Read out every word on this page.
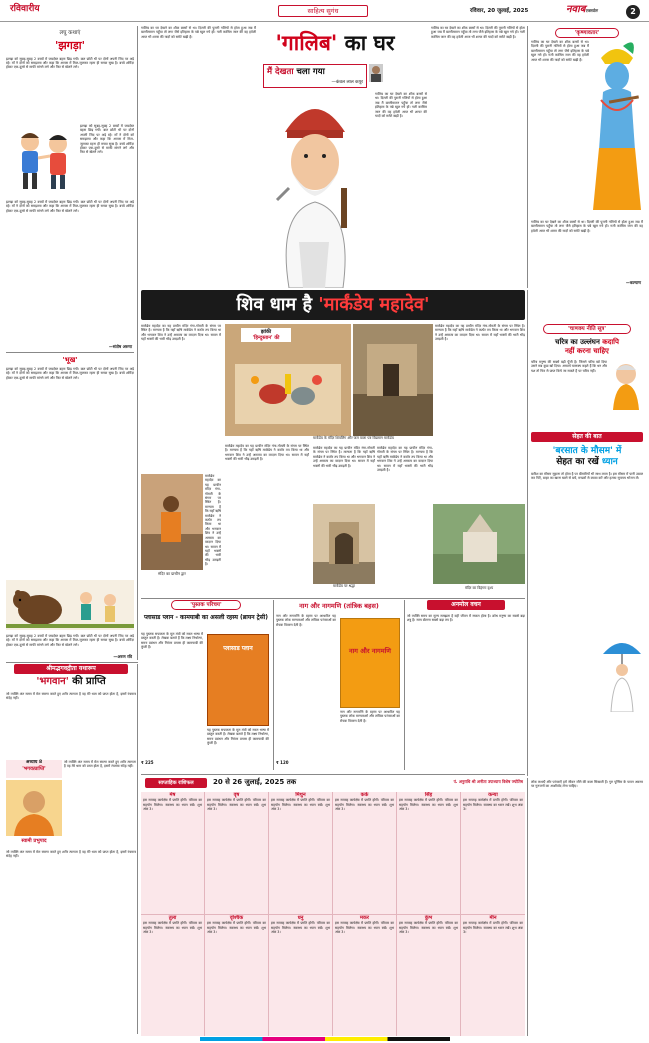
रविवारीय	साहित्य सुगंध	रविवार, 20 जुलाई, 2025	नवाबएक्सप्रेस	2
लघु कथाएं
'झगड़ा'
झगड़ा को सुबह-सुबह 2 बच्चों में जबर्दस्त बहस छिड़ गयी। बात छोटी थी पर दोनों अपनी जिद पर अड़े रहे। माँ ने दोनों को समझाया और कहा कि आपस में मिल-जुलकर रहना ही सच्चा सुख है। बच्चे शर्मिंदा होकर एक-दूसरे से माफी मांगने लगे और फिर से खेलने लगे।
झगड़ा को सुबह-सुबह 2 बच्चों में जबर्दस्त बहस छिड़ गयी। बात छोटी थी पर दोनों अपनी जिद पर अड़े रहे। माँ ने दोनों को समझाया और कहा कि आपस में मिल-जुलकर रहना ही सच्चा सुख है। बच्चे शर्मिंदा होकर एक-दूसरे से माफी मांगने लगे और फिर से खेलने लगे।
झगड़ा को सुबह-सुबह 2 बच्चों में जबर्दस्त बहस छिड़ गयी। बात छोटी थी पर दोनों अपनी जिद पर अड़े रहे। माँ ने दोनों को समझाया और कहा कि आपस में मिल-जुलकर रहना ही सच्चा सुख है। बच्चे शर्मिंदा होकर एक-दूसरे से माफी मांगने लगे और फिर से खेलने लगे।
—संतोष अरुणा
'भूख'
झगड़ा को सुबह-सुबह 2 बच्चों में जबर्दस्त बहस छिड़ गयी। बात छोटी थी पर दोनों अपनी जिद पर अड़े रहे। माँ ने दोनों को समझाया और कहा कि आपस में मिल-जुलकर रहना ही सच्चा सुख है। बच्चे शर्मिंदा होकर एक-दूसरे से माफी मांगने लगे और फिर से खेलने लगे।
झगड़ा को सुबह-सुबह 2 बच्चों में जबर्दस्त बहस छिड़ गयी। बात छोटी थी पर दोनों अपनी जिद पर अड़े रहे। माँ ने दोनों को समझाया और कहा कि आपस में मिल-जुलकर रहना ही सच्चा सुख है। बच्चे शर्मिंदा होकर एक-दूसरे से माफी मांगने लगे और फिर से खेलने लगे।
—अरुण रवि
गालिब का घर देखने का शौक बरसों से था। दिल्ली की पुरानी गलियों से होता हुआ जब मैं बल्लीमारान पहुँचा तो लगा जैसे इतिहास के पन्ने खुल गये हों। गली कासिम जान की वह हवेली आज भी शायर की यादों को समेटे खड़ी है।	'गालिब' का घर
मैं देखता चला गया
—कंवल लाल कपूर
गालिब का घर देखने का शौक बरसों से था। दिल्ली की पुरानी गलियों से होता हुआ जब मैं बल्लीमारान पहुँचा तो लगा जैसे इतिहास के पन्ने खुल गये हों। गली कासिम जान की वह हवेली आज भी शायर की यादों को समेटे खड़ी है।
गालिब का घर देखने का शौक बरसों से था। दिल्ली की पुरानी गलियों से होता हुआ जब मैं बल्लीमारान पहुँचा तो लगा जैसे इतिहास के पन्ने खुल गये हों। गली कासिम जान की वह हवेली आज भी शायर की यादों को समेटे खड़ी है।
'कृष्णावतार'
गालिब का घर देखने का शौक बरसों से था। दिल्ली की पुरानी गलियों से होता हुआ जब मैं बल्लीमारान पहुँचा तो लगा जैसे इतिहास के पन्ने खुल गये हों। गली कासिम जान की वह हवेली आज भी शायर की यादों को समेटे खड़ी है।
गालिब का घर देखने का शौक बरसों से था। दिल्ली की पुरानी गलियों से होता हुआ जब मैं बल्लीमारान पहुँचा तो लगा जैसे इतिहास के पन्ने खुल गये हों। गली कासिम जान की वह हवेली आज भी शायर की यादों को समेटे खड़ी है।
—कल्याण
शिव धाम है 'मार्कंडेय महादेव'
मार्कंडेय महादेव का यह प्राचीन मंदिर गंगा-गोमती के संगम पर स्थित है। मान्यता है कि यहाँ ऋषि मार्कंडेय ने कठोर तप किया था और भगवान शिव ने उन्हें अमरत्व का वरदान दिया था। सावन में यहाँ भक्तों की भारी भीड़ उमड़ती है।
मंदिर का प्राचीन द्वार
मार्कंडेय महादेव का यह प्राचीन मंदिर गंगा-गोमती के संगम पर स्थित है। मान्यता है कि यहाँ ऋषि मार्कंडेय ने कठोर तप किया था और भगवान शिव ने उन्हें अमरत्व का वरदान दिया था। सावन में यहाँ भक्तों की भारी भीड़ उमड़ती है।
झांकी
'हिन्दुस्तान' की
मार्कंडेय के मंदिर शिवलिंग और जल वाला पत्र विद्यमान मार्कंडेय
मार्कंडेय महादेव का यह प्राचीन मंदिर गंगा-गोमती के संगम पर स्थित है। मान्यता है कि यहाँ ऋषि मार्कंडेय ने कठोर तप किया था और भगवान शिव ने उन्हें अमरत्व का वरदान दिया था। सावन में यहाँ भक्तों की भारी भीड़ उमड़ती है।
मार्कंडेय महादेव का यह प्राचीन मंदिर गंगा-गोमती के संगम पर स्थित है। मान्यता है कि यहाँ ऋषि मार्कंडेय ने कठोर तप किया था और भगवान शिव ने उन्हें अमरत्व का वरदान दिया था। सावन में यहाँ भक्तों की भारी भीड़ उमड़ती है।
मार्कंडेय पर श्रद्धा
मार्कंडेय महादेव का यह प्राचीन मंदिर गंगा-गोमती के संगम पर स्थित है। मान्यता है कि यहाँ ऋषि मार्कंडेय ने कठोर तप किया था और भगवान शिव ने उन्हें अमरत्व का वरदान दिया था। सावन में यहाँ भक्तों की भारी भीड़ उमड़ती है।
मंदिर का विहंगम दृश्य
मार्कंडेय महादेव का यह प्राचीन मंदिर गंगा-गोमती के संगम पर स्थित है। मान्यता है कि यहाँ ऋषि मार्कंडेय ने कठोर तप किया था और भगवान शिव ने उन्हें अमरत्व का वरदान दिया था। सावन में यहाँ भक्तों की भारी भीड़ उमड़ती है।
'चाणक्य नीति सूत्र'
चरित्र का उल्लंघन कदापि
नहीं करना चाहिए
चरित्र मनुष्य की सबसे बड़ी पूँजी है। जिसने चरित्र खो दिया उसने सब कुछ खो दिया। आचार्य चाणक्य कहते हैं कि धन और यश तो फिर से प्राप्त किये जा सकते हैं पर चरित्र नहीं।
सेहत की बात
'बरसात के मौसम' में
सेहत का रखें ध्यान
बारिश का मौसम सुहाना तो होता है पर बीमारियाँ भी साथ लाता है। इस मौसम में पानी उबाल कर पिएँ, बाहर का खाना खाने से बचें, मच्छरों से बचाव करें और हल्का सुपाच्य भोजन लें।
'पुस्तक परिचय'
प्लासाड प्लान - कामयाबी का असली रहस्य (ब्रायन ट्रेसी)
यह पुस्तक सफलता के मूल मंत्रों को सरल भाषा में प्रस्तुत करती है। लेखक बताते हैं कि लक्ष्य निर्धारण, समय प्रबंधन और निरंतर प्रयास ही कामयाबी की कुंजी हैं।	प्लासाड प्लान
यह पुस्तक सफलता के मूल मंत्रों को सरल भाषा में प्रस्तुत करती है। लेखक बताते हैं कि लक्ष्य निर्धारण, समय प्रबंधन और निरंतर प्रयास ही कामयाबी की कुंजी हैं।
₹ 225
नाग और नागमणि (तांत्रिक बहस)
नाग और नागमणि के रहस्य पर आधारित यह पुस्तक लोक मान्यताओं और तांत्रिक परंपराओं का रोचक विवरण देती है।
नाग और नागमणि
नाग और नागमणि के रहस्य पर आधारित यह पुस्तक लोक मान्यताओं और तांत्रिक परंपराओं का रोचक विवरण देती है।
₹ 120
अनमोल वचन
जो व्यक्ति समय का मूल्य समझता है वही जीवन में सफल होता है। क्रोध मनुष्य का सबसे बड़ा शत्रु है। सत्य बोलना सबसे बड़ा तप है।
श्रीमद्भगवद्गीता यथारूप
'भगवान' की प्राप्ति
जो व्यक्ति अंत समय में मेरा स्मरण करते हुए शरीर त्यागता है वह मेरे धाम को प्राप्त होता है, इसमें रंचमात्र संदेह नहीं।
अध्याय 8
'भगवत्प्राप्ति'
स्वामी प्रभुपाद
जो व्यक्ति अंत समय में मेरा स्मरण करते हुए शरीर त्यागता है वह मेरे धाम को प्राप्त होता है, इसमें रंचमात्र संदेह नहीं।
जो व्यक्ति अंत समय में मेरा स्मरण करते हुए शरीर त्यागता है वह मेरे धाम को प्राप्त होता है, इसमें रंचमात्र संदेह नहीं।
साप्ताहिक राशिफल	20 से 26 जुलाई, 2025 तक	पं. अनुराधि श्री अनीता उपाध्याय विशेष ज्योतिष
मेष
इस सप्ताह कार्यक्षेत्र में प्रगति होगी। परिवार का सहयोग मिलेगा। स्वास्थ्य का ध्यान रखें। शुभ अंक 3।
वृष
इस सप्ताह कार्यक्षेत्र में प्रगति होगी। परिवार का सहयोग मिलेगा। स्वास्थ्य का ध्यान रखें। शुभ अंक 3।
मिथुन
इस सप्ताह कार्यक्षेत्र में प्रगति होगी। परिवार का सहयोग मिलेगा। स्वास्थ्य का ध्यान रखें। शुभ अंक 3।
कर्क
इस सप्ताह कार्यक्षेत्र में प्रगति होगी। परिवार का सहयोग मिलेगा। स्वास्थ्य का ध्यान रखें। शुभ अंक 3।
सिंह
इस सप्ताह कार्यक्षेत्र में प्रगति होगी। परिवार का सहयोग मिलेगा। स्वास्थ्य का ध्यान रखें। शुभ अंक 3।
कन्या
इस सप्ताह कार्यक्षेत्र में प्रगति होगी। परिवार का सहयोग मिलेगा। स्वास्थ्य का ध्यान रखें। शुभ अंक 3।
तुला
इस सप्ताह कार्यक्षेत्र में प्रगति होगी। परिवार का सहयोग मिलेगा। स्वास्थ्य का ध्यान रखें। शुभ अंक 3।
वृश्चिक
इस सप्ताह कार्यक्षेत्र में प्रगति होगी। परिवार का सहयोग मिलेगा। स्वास्थ्य का ध्यान रखें। शुभ अंक 3।
धनु
इस सप्ताह कार्यक्षेत्र में प्रगति होगी। परिवार का सहयोग मिलेगा। स्वास्थ्य का ध्यान रखें। शुभ अंक 3।
मकर
इस सप्ताह कार्यक्षेत्र में प्रगति होगी। परिवार का सहयोग मिलेगा। स्वास्थ्य का ध्यान रखें। शुभ अंक 3।
कुंभ
इस सप्ताह कार्यक्षेत्र में प्रगति होगी। परिवार का सहयोग मिलेगा। स्वास्थ्य का ध्यान रखें। शुभ अंक 3।
मीन
इस सप्ताह कार्यक्षेत्र में प्रगति होगी। परिवार का सहयोग मिलेगा। स्वास्थ्य का ध्यान रखें। शुभ अंक 3।
लोक कथाएँ और परंपराएँ हमें जीवन जीने की कला सिखाती हैं। गुरु पूर्णिमा के पावन अवसर पर गुरुजनों का आशीर्वाद लेना चाहिए।
